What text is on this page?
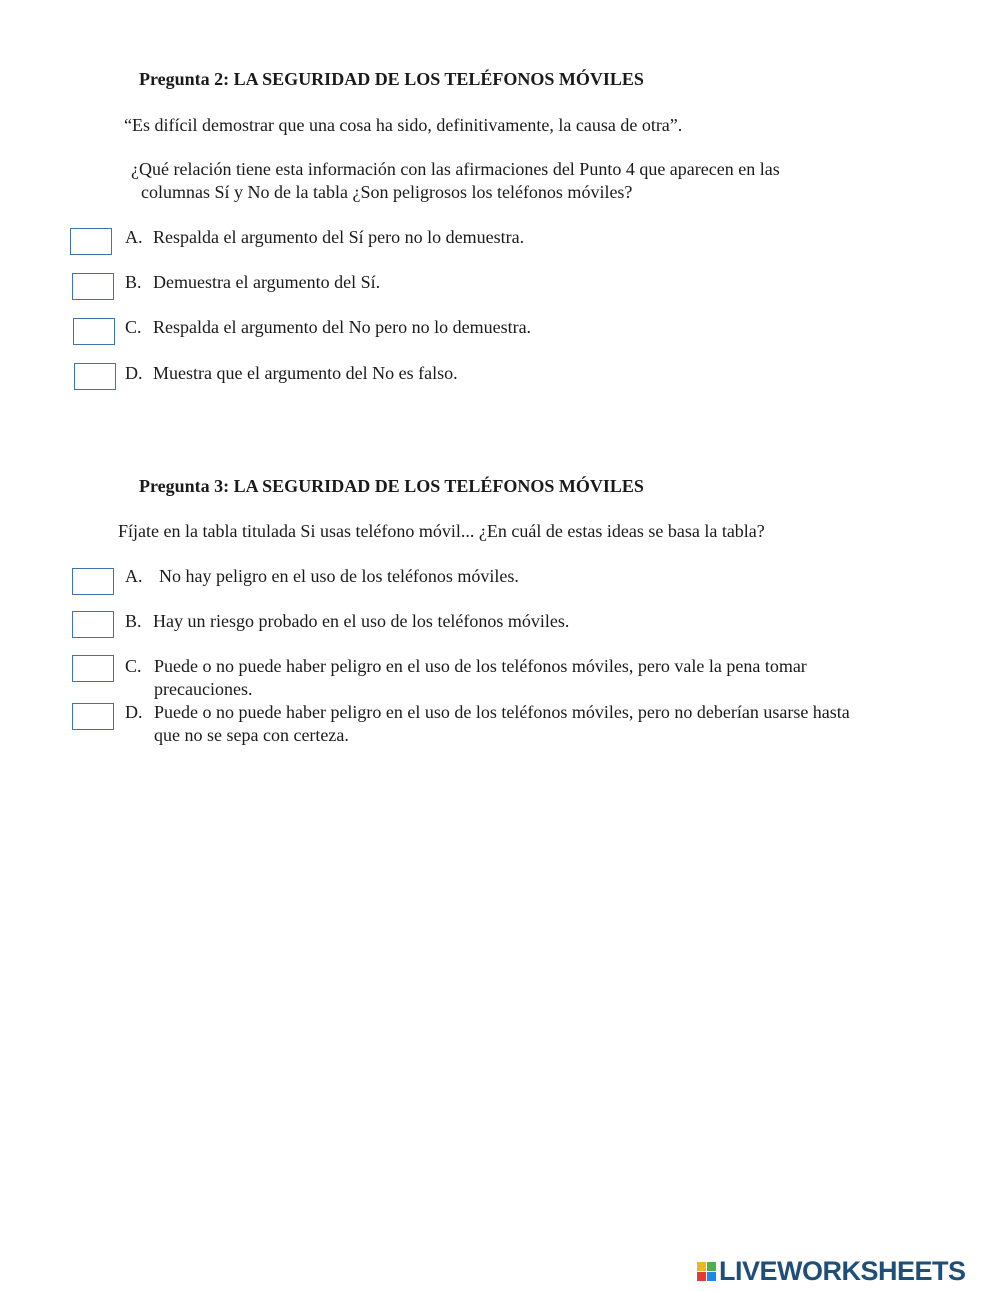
Pregunta 2: LA SEGURIDAD DE LOS TELÉFONOS MÓVILES
“Es difícil demostrar que una cosa ha sido, definitivamente, la causa de otra”.
¿Qué relación tiene esta información con las afirmaciones del Punto 4 que aparecen en las
columnas Sí y No de la tabla ¿Son peligrosos los teléfonos móviles?
A. Respalda el argumento del Sí pero no lo demuestra.
B. Demuestra el argumento del Sí.
C. Respalda el argumento del No pero no lo demuestra.
D. Muestra que el argumento del No es falso.
Pregunta 3: LA SEGURIDAD DE LOS TELÉFONOS MÓVILES
Fíjate en la tabla titulada Si usas teléfono móvil... ¿En cuál de estas ideas se basa la tabla?
A. No hay peligro en el uso de los teléfonos móviles.
B. Hay un riesgo probado en el uso de los teléfonos móviles.
C. Puede o no puede haber peligro en el uso de los teléfonos móviles, pero vale la pena tomar precauciones.
D. Puede o no puede haber peligro en el uso de los teléfonos móviles, pero no deberían usarse hasta que no se sepa con certeza.
LIVEWORKSHEETS
